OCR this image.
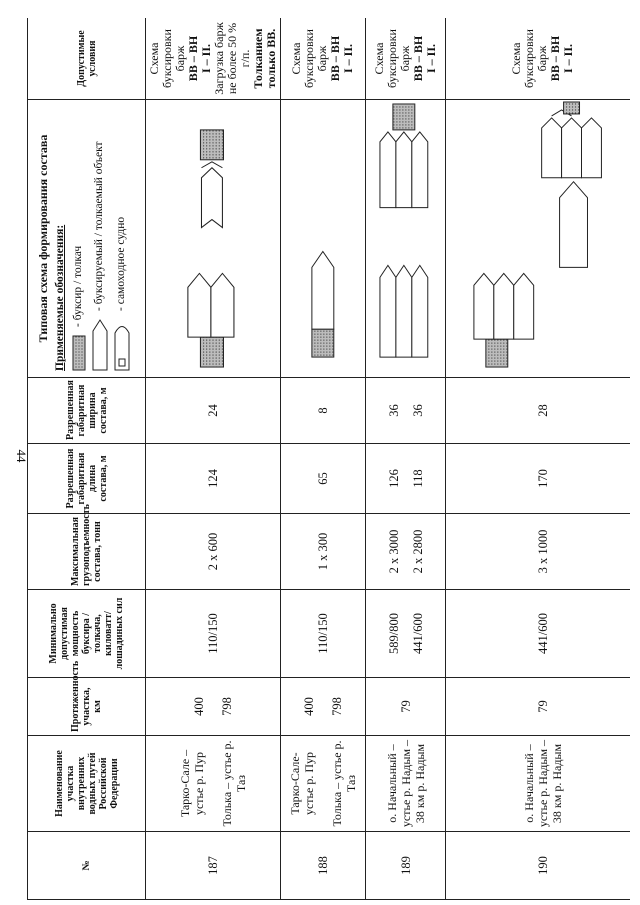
44
№	Наименование участка внутренних водных путей Российской Федерации	Протяженность участка, км	Минимально допустимая мощность буксира / толкача, киловатт/лошадиных сил	Максимальная грузоподъемность состава, тонн	Разрешенная габаритная длина состава, м	Разрешенная габаритная ширина состава, м	Типовая схема формирования состава Применяемые обозначения: - буксир / толкач - буксируемый / толкаемый объект - самоходное судно	Допустимые условия
187	Тарко-Сале – устье р. Пур Толька – устье р. Таз	400 798	110/150	2 х 600	124	24		Схема буксировки барж ВВ – ВН I – II. Загрузка барж не более 50 % г/п. Толканием только ВВ.

188	Тарко-Сале- устье р. Пур Толька – устье р. Таз	400 798	110/150	1 х 300	65	8		Схема буксировки барж ВВ – ВН I – II.

189	о. Начальный – устье р. Надым – 38 км р. Надым	79	589/800 441/600	2 х 3000 2 х 2800	126 118	36 36		Схема буксировки барж ВВ – ВН I – II.

190	о. Начальный – устье р. Надым – 38 км р. Надым	79	441/600	3 х 1000	170	28		Схема буксировки барж ВВ – ВН I – II.
